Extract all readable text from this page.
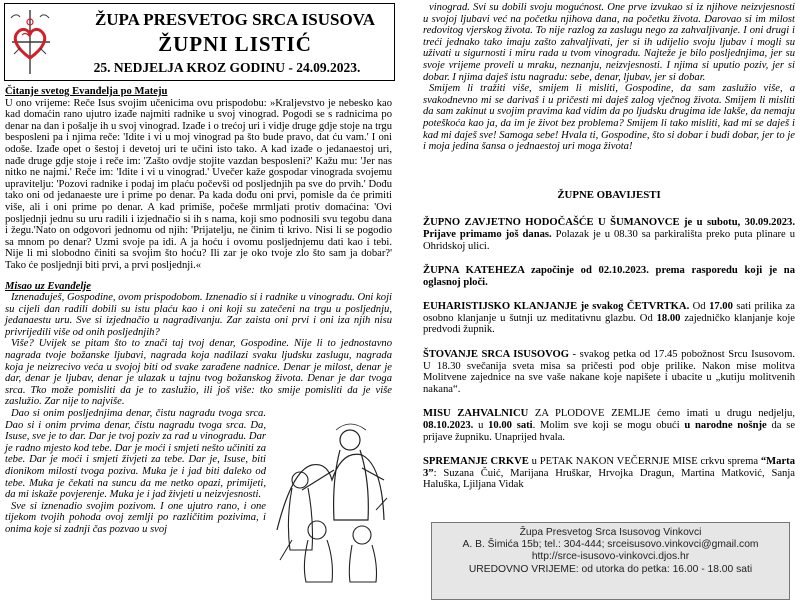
ŽUPA PRESVETOG SRCA ISUSOVA
ŽUPNI LISTIĆ
25. NEDJELJA KROZ GODINU - 24.09.2023.
Čitanje svetog Evanđelja po Mateju
U ono vrijeme: Reče Isus svojim učenicima ovu prispodobu: »Kraljevstvo je nebesko kao kad domaćin rano ujutro izađe najmiti radnike u svoj vinograd. Pogodi se s radnicima po denar na dan i pošalje ih u svoj vinograd. Izađe i o trećoj uri i vidje druge gdje stoje na trgu besposleni pa i njima reče: 'Idite i vi u moj vinograd pa što bude pravo, dat ću vam.' I oni odoše. Izađe opet o šestoj i devetoj uri te učini isto tako. A kad izađe o jedanaestoj uri, nađe druge gdje stoje i reče im: 'Zašto ovdje stojite vazdan besposleni?' Kažu mu: 'Jer nas nitko ne najmi.' Reče im: 'Idite i vi u vinograd.' Uvečer kaže gospodar vinograda svojemu upravitelju: 'Pozovi radnike i podaj im plaću počevši od posljednjih pa sve do prvih.' Dođu tako oni od jedanaeste ure i prime po denar. Pa kada dođu oni prvi, pomisle da će primiti više, ali i oni prime po denar. A kad primiše, počeše mrmljati protiv domaćina: 'Ovi posljednji jednu su uru radili i izjednačio si ih s nama, koji smo podnosili svu tegobu dana i žegu.'Nato on odgovori jednomu od njih: 'Prijatelju, ne činim ti krivo. Nisi li se pogodio sa mnom po denar? Uzmi svoje pa idi. A ja hoću i ovomu posljednjemu dati kao i tebi. Nije li mi slobodno činiti sa svojim što hoću? Ili zar je oko tvoje zlo što sam ja dobar?' Tako će posljednji biti prvi, a prvi posljednji.«
Misao uz Evanđelje

Iznenađuješ, Gospodine, ovom prispodobom. Iznenadio si i radnike u vinogradu. Oni koji su cijeli dan radili dobili su istu plaću kao i oni koji su zatečeni na trgu u posljednju, jedanaestu uru. Sve si izjednačio u nagrađivanju. Zar zaista oni prvi i oni iza njih nisu privrijedili više od onih posljednjih?

Više? Uvijek se pitam što to znači taj tvoj denar, Gospodine. Nije li to jednostavno nagrada tvoje božanske ljubavi, nagrada koja nadilazi svaku ljudsku zaslugu, nagrada koja je neizrecivo veća u svojoj biti od svake zarađene nadnice. Denar je milost, denar je dar, denar je ljubav, denar je ulazak u tajnu tvog božanskog života. Denar je dar tvoga srca. Tko može pomisliti da je to zaslužio, ili još više: tko smije pomisliti da je više zaslužio. Zar nije to najviše.

Dao si onim posljednjima denar, čistu nagradu tvoga srca. Dao si i onim prvima denar, čistu nagradu tvoga srca. Da, Isuse, sve je to dar. Dar je tvoj poziv za rad u vinogradu. Dar je radno mjesto kod tebe. Dar je moći i smjeti nešto učiniti za tebe. Dar je moći i smjeti živjeti za tebe. Dar je, Isuse, biti dionikom milosti tvoga poziva. Muka je i jad biti daleko od tebe. Muka je čekati na suncu da me netko opazi, primijeti, da mi iskaže povjerenje. Muka je i jad živjeti u neizvjesnosti.

Sve si iznenadio svojim pozivom. I one ujutro rano, i one tijekom tvojih pohoda ovoj zemlji po različitim pozivima, i onima koje si zadnji čas pozvao u svoj

vinograd. Svi su dobili svoju mogućnost. One prve izvukao si iz njihove neizvjesnosti u svojoj ljubavi već na početku njihova dana, na početku života. Darovao si im milost redovitog vjerskog života. To nije razlog za zaslugu nego za zahvaljivanje. I oni drugi i treći jednako tako imaju zašto zahvaljivati, jer si ih udijelio svoju ljubav i mogli su uživati u sigurnosti i miru rada u tvom vinogradu. Najteže je bilo posljednjima, jer su svoje vrijeme proveli u mraku, neznanju, neizvjesnosti. I njima si uputio poziv, jer si dobar. I njima daješ istu nagradu: sebe, denar, ljubav, jer si dobar.

Smijem li tražiti više, smijem li misliti, Gospodine, da sam zaslužio više, a svakodnevno mi se darivaš i u pričesti mi daješ zalog vječnog života. Smijem li misliti da sam zakinut u svojim pravima kad vidim da po ljudsku drugima ide lakše, da nemaju poteškoća kao ja, da im je život bez problema? Smijem li tako misliti, kad mi se daješ i kad mi daješ sve! Samoga sebe! Hvala ti, Gospodine, što si dobar i budi dobar, jer to je i moja jedina šansa o jednaestoj uri moga života!

ŽUPNE OBAVIJESTI

ŽUPNO ZAVJETNO HODOČAŠĆE U ŠUMANOVCE je u subotu, 30.09.2023. Prijave primamo još danas. Polazak je u 08.30 sa parkirališta preko puta plinare u Ohridskoj ulici.

ŽUPNA KATEHEZA započinje od 02.10.2023. prema rasporedu koji je na oglasnoj ploči.

EUHARISTIJSKO KLANJANJE je svakog ČETVRTKA. Od 17.00 sati prilika za osobno klanjanje u šutnji uz meditativnu glazbu. Od 18.00 zajedničko klanjanje koje predvodi župnik.

ŠTOVANJE SRCA ISUSOVOG - svakog petka od 17.45 pobožnost Srcu Isusovom. U 18.30 svečanija sveta misa sa pričesti pod obje prilike. Nakon mise molitva Molitvene zajednice na sve vaše nakane koje napišete i ubacite u „kutiju molitvenih nakana“.

MISU ZAHVALNICU ZA PLODOVE ZEMLJE ćemo imati u drugu nedjelju, 08.10.2023. u 10.00 sati. Molim sve koji se mogu obući u narodne nošnje da se prijave župniku. Unaprijed hvala.

SPREMANJE CRKVE u PETAK NAKON VEČERNJE MISE crkvu sprema “Marta 3”: Suzana Čuić, Marijana Hruškar, Hrvojka Dragun, Martina Matković, Sanja Haluška, Ljiljana Vidak

Župa Presvetog Srca Isusovog Vinkovci
A. B. Šimića 15b; tel.: 304-444; srceisusovo.vinkovci@gmail.com
http://srce-isusovo-vinkovci.djos.hr
UREDOVNO VRIJEME: od utorka do petka: 16.00 - 18.00 sati
